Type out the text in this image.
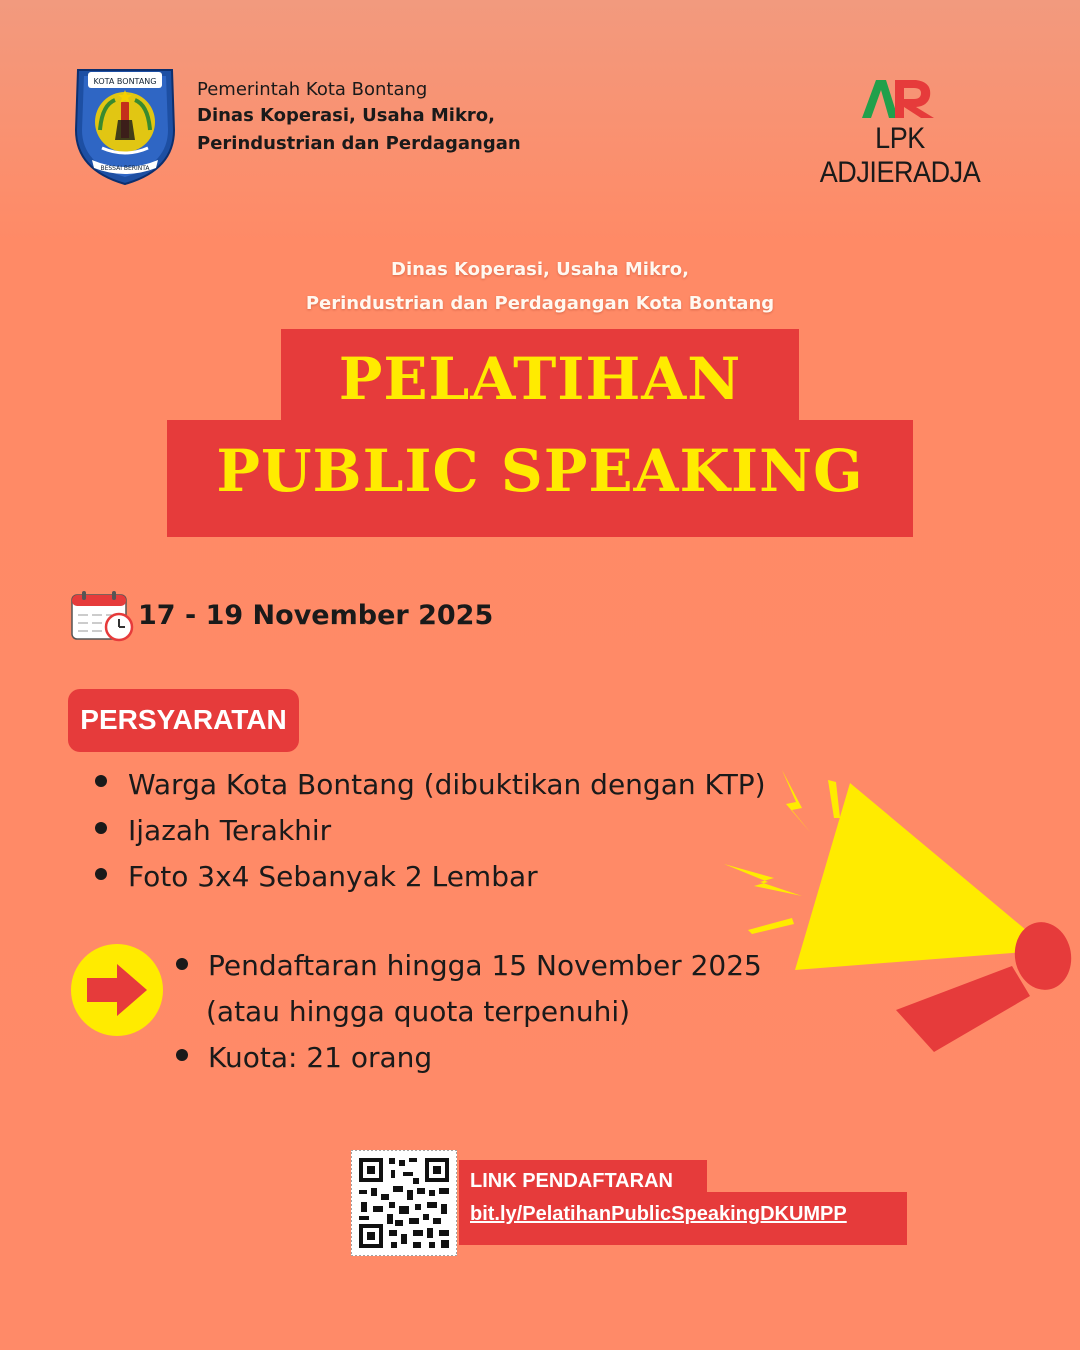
KOTA BONTANG
BESSAI BERINTA
Pemerintah Kota Bontang
Dinas Koperasi, Usaha Mikro,
Perindustrian dan Perdagangan	LPK ADJIERADJA
Dinas Koperasi, Usaha Mikro,
Perindustrian dan Perdagangan Kota Bontang
PELATIHAN
PUBLIC SPEAKING
17 - 19 November 2025
PERSYARATAN
Warga Kota Bontang (dibuktikan dengan KTP)
Ijazah Terakhir
Foto 3x4 Sebanyak 2 Lembar
Pendaftaran hingga 15 November 2025
(atau hingga quota terpenuhi)
Kuota: 21 orang
LINK PENDAFTARAN
bit.ly/PelatihanPublicSpeakingDKUMPP
